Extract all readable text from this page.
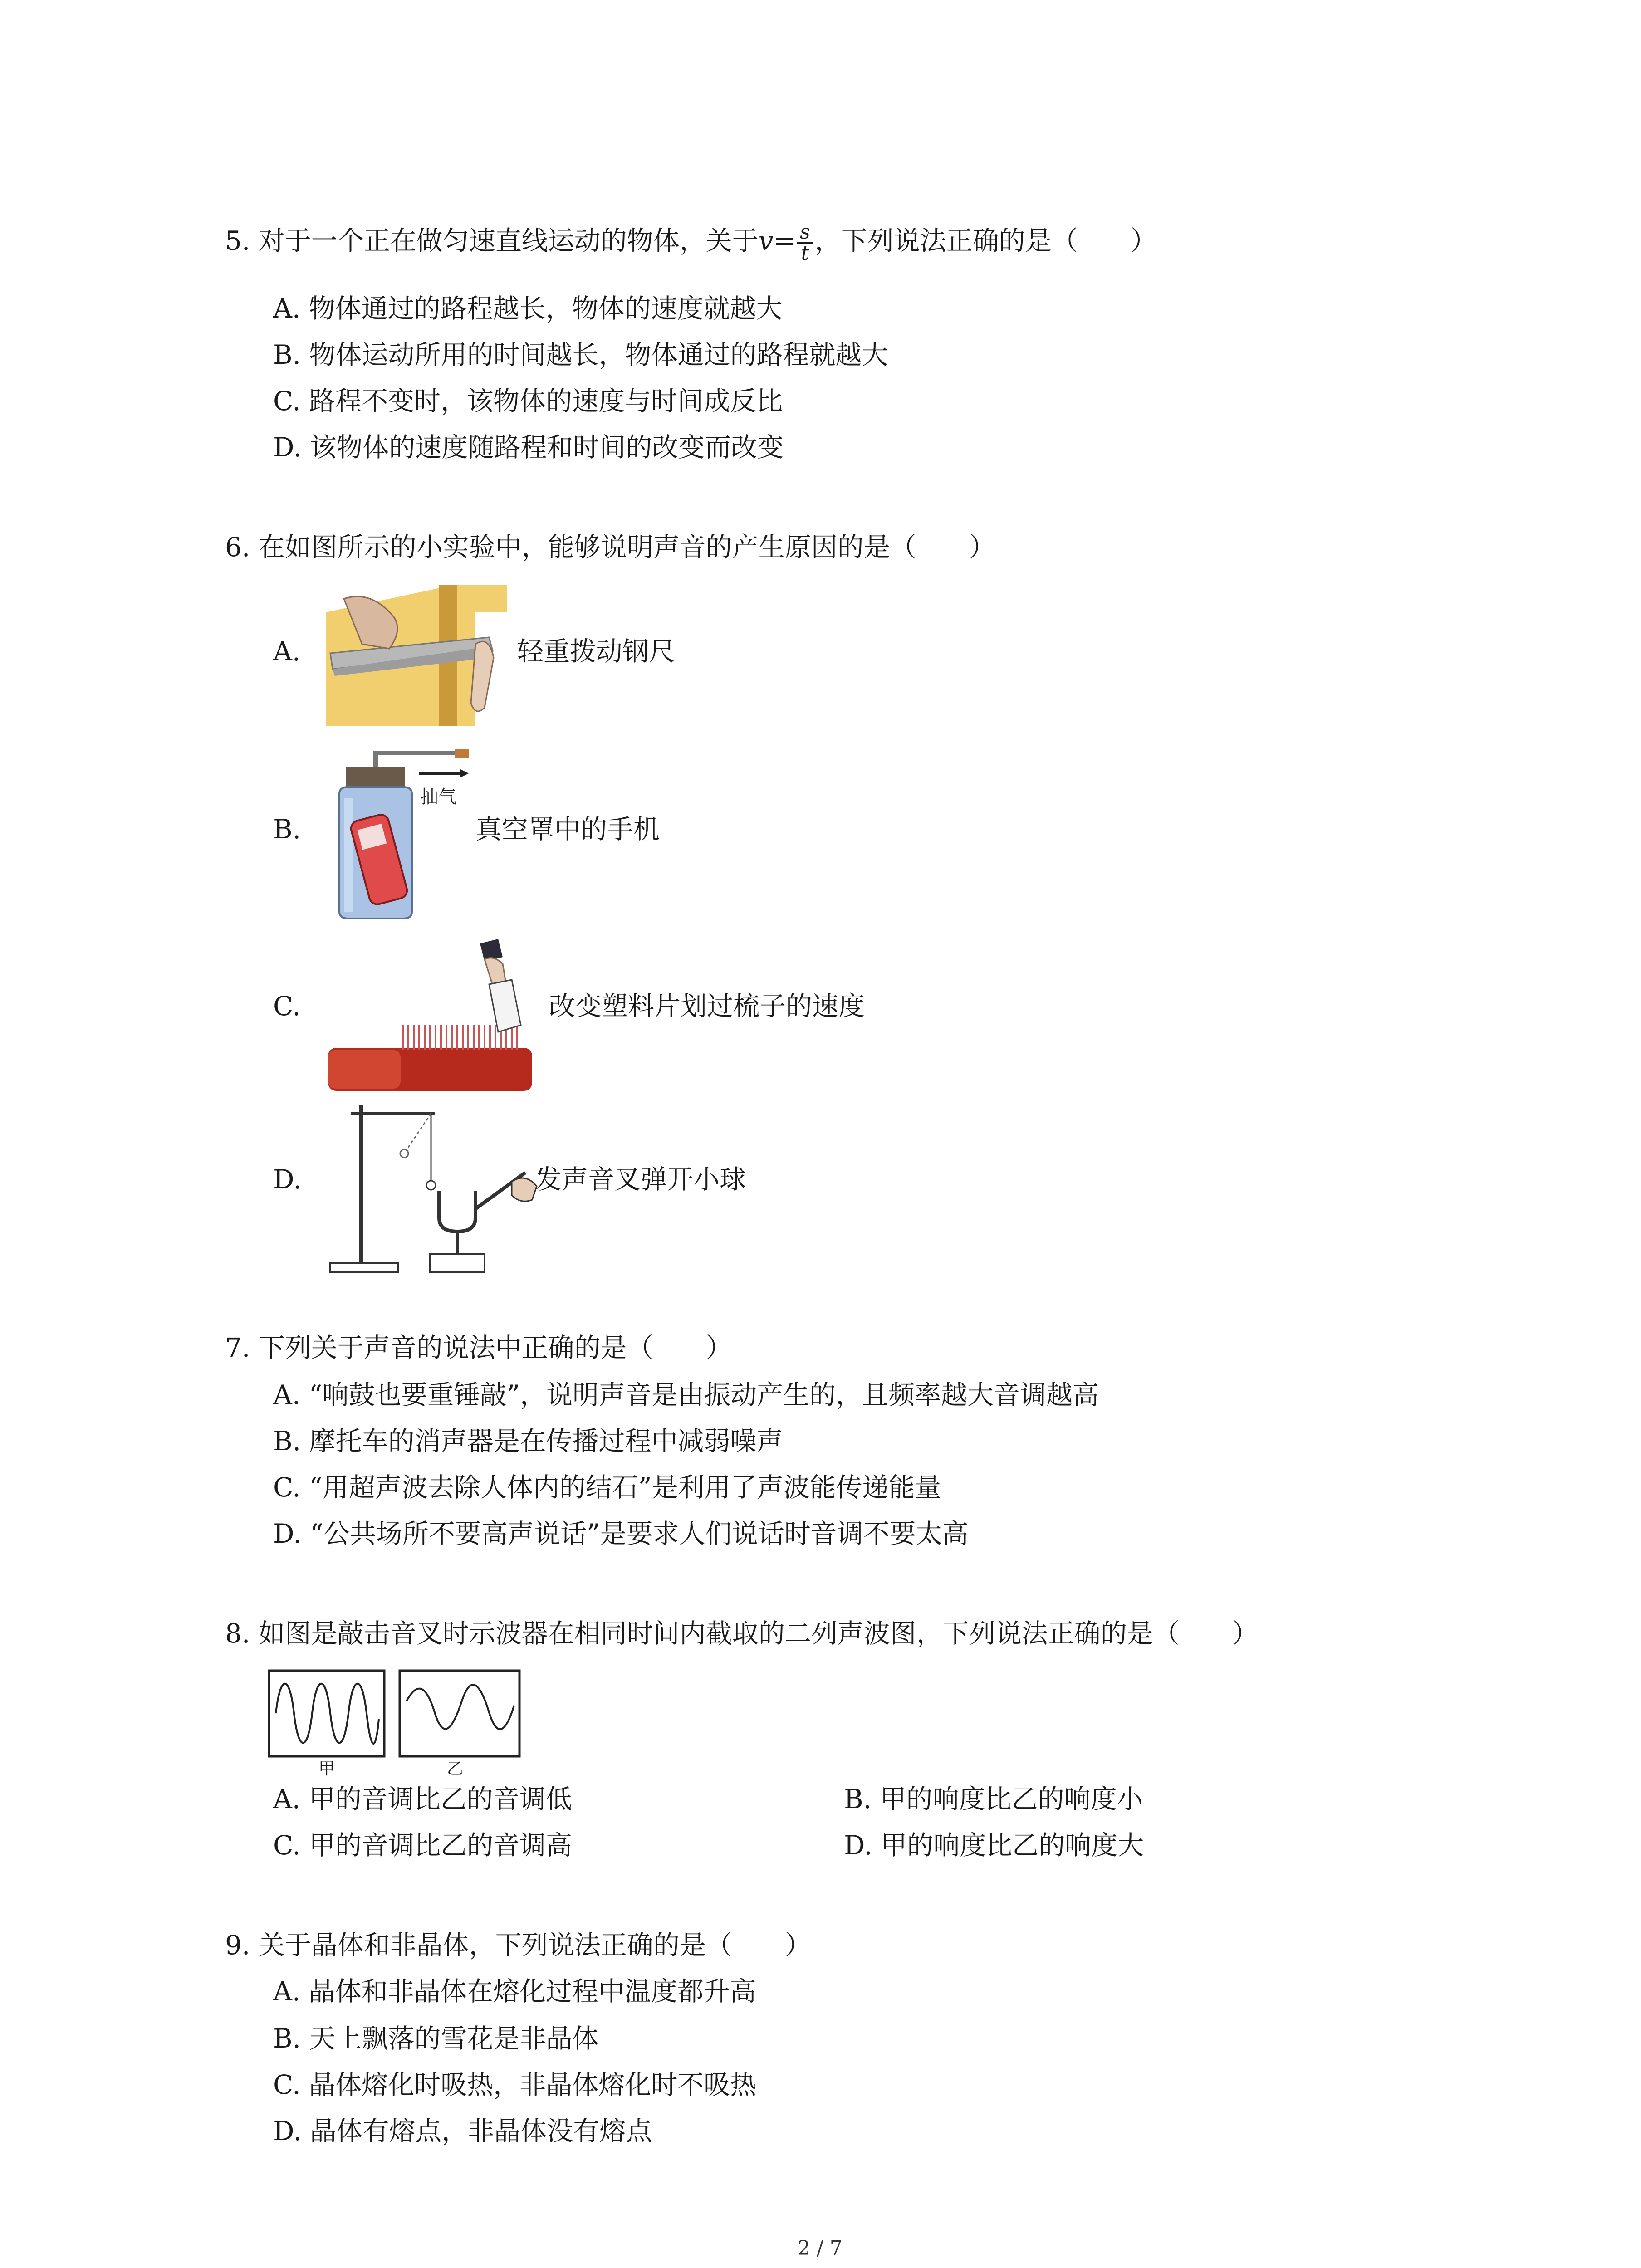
5. 对于一个正在做匀速直线运动的物体，关于$v= \frac{s}{t}$ ，下列说法正确的是（　　）
A. 物体通过的路程越长，物体的速度就越大
B. 物体运动所用的时间越长，物体通过的路程就越大
C. 路程不变时，该物体的速度与时间成反比
D. 该物体的速度随路程和时间的改变而改变
6. 在如图所示的小实验中，能够说明声音的产生原因的是（　　）
A.	轻重拨动钢尺
B.
抽气
真空罩中的手机
C.	改变塑料片划过梳子的速度
D.	发声音叉弹开小球
7. 下列关于声音的说法中正确的是（　　）
A. “响鼓也要重锤敲”，说明声音是由振动产生的，且频率越大音调越高
B. 摩托车的消声器是在传播过程中减弱噪声
C. “用超声波去除人体内的结石”是利用了声波能传递能量
D. “公共场所不要高声说话”是要求人们说话时音调不要太高
8. 如图是敲击音叉时示波器在相同时间内截取的二列声波图，下列说法正确的是（　　）
甲	乙
A. 甲的音调比乙的音调低	B. 甲的响度比乙的响度小
C. 甲的音调比乙的音调高	D. 甲的响度比乙的响度大
9. 关于晶体和非晶体，下列说法正确的是（　　）
A. 晶体和非晶体在熔化过程中温度都升高
B. 天上飘落的雪花是非晶体
C. 晶体熔化时吸热，非晶体熔化时不吸热
D. 晶体有熔点，非晶体没有熔点
2 / 7
